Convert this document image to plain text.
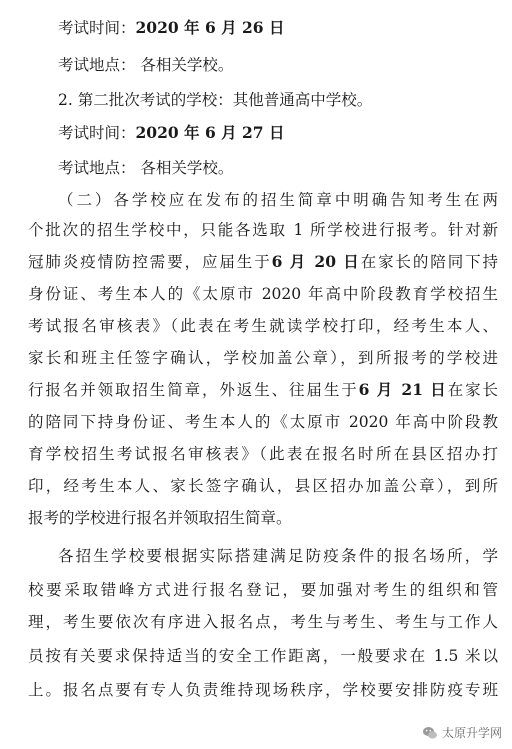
考试时间：2020 年 6 月 26 日
考试地点： 各相关学校。
2. 第二批次考试的学校：其他普通高中学校。
考试时间：2020 年 6 月 27 日
考试地点： 各相关学校。
（二）各学校应在发布的招生简章中明确告知考生在两
个批次的招生学校中，只能各选取 1 所学校进行报考。针对新
冠肺炎疫情防控需要，应届生于6 月 20 日在家长的陪同下持
身份证、考生本人的《太原市 2020 年高中阶段教育学校招生
考试报名审核表》（此表在考生就读学校打印，经考生本人、
家长和班主任签字确认，学校加盖公章），到所报考的学校进
行报名并领取招生简章，外返生、往届生于6 月 21 日在家长
的陪同下持身份证、考生本人的《太原市 2020 年高中阶段教
育学校招生考试报名审核表》（此表在报名时所在县区招办打
印，经考生本人、家长签字确认，县区招办加盖公章），到所
报考的学校进行报名并领取招生简章。
各招生学校要根据实际搭建满足防疫条件的报名场所，学
校要采取错峰方式进行报名登记，要加强对考生的组织和管
理，考生要依次有序进入报名点，考生与考生、考生与工作人
员按有关要求保持适当的安全工作距离，一般要求在 1.5 米以
上。报名点要有专人负责维持现场秩序，学校要安排防疫专班
太原升学网
